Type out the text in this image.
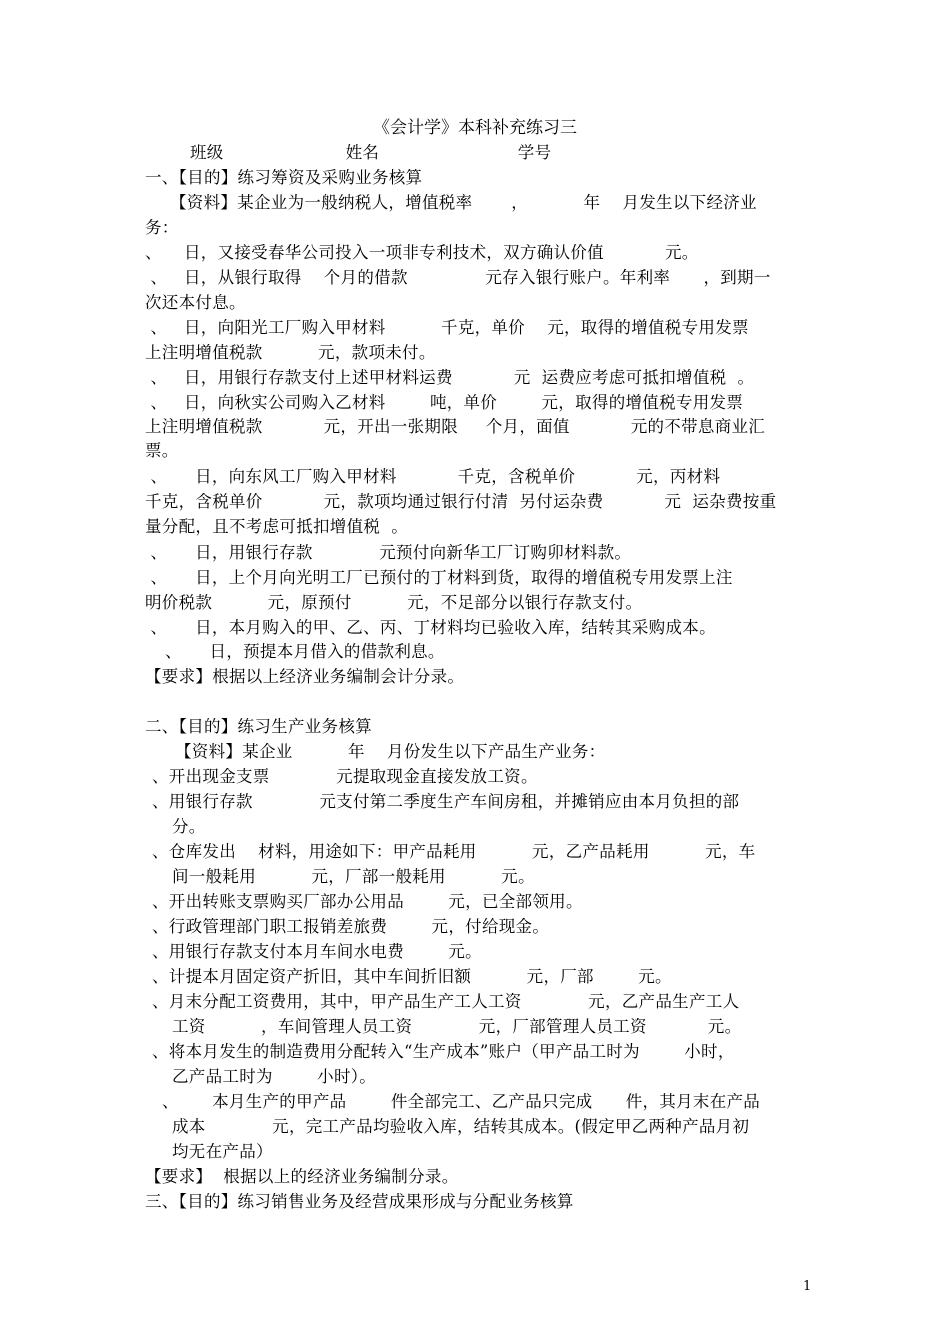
《会计学》本科补充练习三
班级                      姓名                         学号
一、【目的】练习筹资及采购业务核算
【资料】某企业为一般纳税人，增值税率       ，          年    月发生以下经济业
务：
、    日，又接受春华公司投入一项非专利技术，双方确认价值           元。
、   日，从银行取得    个月的借款              元存入银行账户。年利率      ，到期一
次还本付息。
、   日，向阳光工厂购入甲材料          千克，单价    元，取得的增值税专用发票
上注明增值税款          元，款项未付。
、   日，用银行存款支付上述甲材料运费           元  运费应考虑可抵扣增值税  。
、   日，向秋实公司购入乙材料        吨，单价        元，取得的增值税专用发票
上注明增值税款           元，开出一张期限     个月，面值           元的不带息商业汇
票。
、     日，向东风工厂购入甲材料           千克，含税单价           元，丙材料
千克，含税单价           元，款项均通过银行付清  另付运杂费           元  运杂费按重
量分配，且不考虑可抵扣增值税  。
、     日，用银行存款            元预付向新华工厂订购卯材料款。
、     日，上个月向光明工厂已预付的丁材料到货，取得的增值税专用发票上注
明价税款          元，原预付          元，不足部分以银行存款支付。
、     日，本月购入的甲、乙、丙、丁材料均已验收入库，结转其采购成本。
、     日，预提本月借入的借款利息。
【要求】根据以上经济业务编制会计分录。
二、【目的】练习生产业务核算
【资料】某企业          年    月份发生以下产品生产业务：
、开出现金支票            元提取现金直接发放工资。
、用银行存款            元支付第二季度生产车间房租，并摊销应由本月负担的部
分。
、仓库发出    材料，用途如下：甲产品耗用          元，乙产品耗用          元，车
间一般耗用          元，厂部一般耗用          元。
、开出转账支票购买厂部办公用品        元，已全部领用。
、行政管理部门职工报销差旅费        元，付给现金。
、用银行存款支付本月车间水电费        元。
、计提本月固定资产折旧，其中车间折旧额          元，厂部        元。
、月末分配工资费用，其中，甲产品生产工人工资            元，乙产品生产工人
工资          ，车间管理人员工资            元，厂部管理人员工资           元。
、将本月发生的制造费用分配转入“生产成本”账户（甲产品工时为        小时，
乙产品工时为        小时）。
、      本月生产的甲产品        件全部完工、乙产品只完成      件，其月末在产品
成本            元，完工产品均验收入库，结转其成本。(假定甲乙两种产品月初
均无在产品）
【要求】  根据以上的经济业务编制分录。
三、【目的】练习销售业务及经营成果形成与分配业务核算
1
